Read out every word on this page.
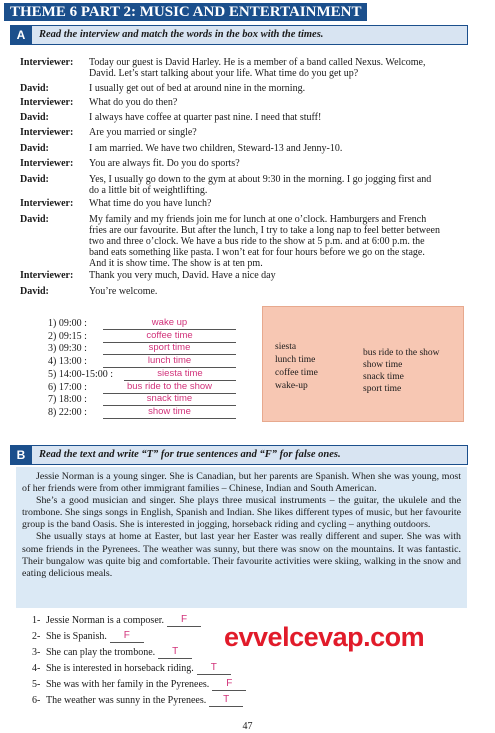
THEME 6 PART 2: MUSIC AND ENTERTAINMENT
A	Read the interview and match the words in the box with the times.
Interviewer:	Today our guest is David Harley. He is a member of a band called Nexus. Welcome,
David. Let’s start talking about your life. What time do you get up?
David:	I usually get out of bed at around nine in the morning.
Interviewer:	What do you do then?
David:	I always have coffee at quarter past nine. I need that stuff!
Interviewer:	Are you married or single?
David:	I am married. We have two children, Steward-13 and Jenny-10.
Interviewer:	You are always fit. Do you do sports?
David:	Yes, I usually go down to the gym at about 9:30 in the morning. I go jogging first and
do a little bit of weightlifting.
Interviewer:	What time do you have lunch?
David:	My family and my friends join me for lunch at one o’clock. Hamburgers and French
fries are our favourite. But after the lunch, I try to take a long nap to feel better between
two and three o’clock. We have a bus ride to the show at 5 p.m. and at 6:00 p.m. the
band eats something like pasta. I won’t eat for four hours before we go on the stage.
And it is show time. The show is at ten pm.
Interviewer:	Thank you very much, David. Have a nice day
David:	You’re welcome.
1) 09:00 :	wake up
2) 09:15 :	coffee time
3) 09:30 :	sport time
4) 13:00 :	lunch time
5) 14:00-15:00 :	siesta time
6) 17:00 :	bus ride to the show
7) 18:00 :	snack time
8) 22:00 :	show time
siesta
lunch time
coffee time
wake-up
bus ride to the show
show time
snack time
sport time
B	Read the text and write “T” for true sentences and “F” for false ones.

Jessie Norman is a young singer. She is Canadian, but her parents are Spanish. When she was young, most of her friends were from other immigrant families – Chinese, Indian and South American.

She’s a good musician and singer. She plays three musical instruments – the guitar, the ukulele and the trombone. She sings songs in English, Spanish and Indian. She likes different types of music, but her favourite group is the band Oasis. She is interested in jogging, horseback riding and cycling – anything outdoors.

She usually stays at home at Easter, but last year her Easter was really different and super. She was with some friends in the Pyrenees. The weather was sunny, but there was snow on the mountains. It was fantastic. Their bungalow was quite big and comfortable. Their favourite activities were skiing, walking in the snow and eating delicious meals.

1- Jessie Norman is a composer.	F
2- She is Spanish.	F
3- She can play the trombone.	T
4- She is interested in horseback riding.	T
5- She was with her family in the Pyrenees.	F
6- The weather was sunny in the Pyrenees.	T
evvelcevap.com
47
